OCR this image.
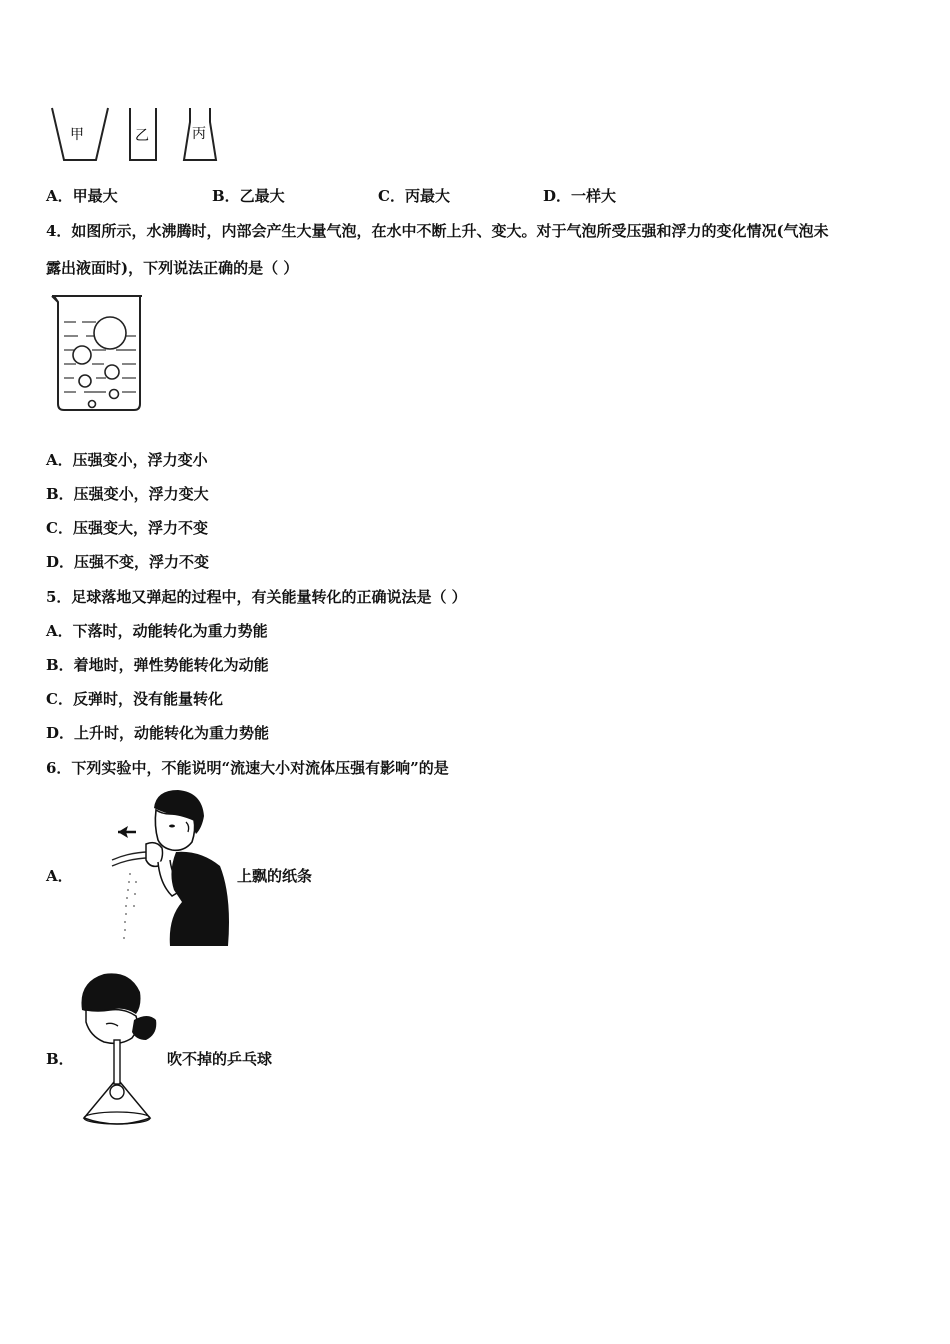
甲	乙	丙
A．甲最大	B．乙最大	C．丙最大	D．一样大
4．如图所示，水沸腾时，内部会产生大量气泡，在水中不断上升、变大。对于气泡所受压强和浮力的变化情况(气泡未
露出液面时)，下列说法正确的是（ ）
A．压强变小，浮力变小
B．压强变小，浮力变大
C．压强变大，浮力不变
D．压强不变，浮力不变
5．足球落地又弹起的过程中，有关能量转化的正确说法是（ ）
A．下落时，动能转化为重力势能
B．着地时，弹性势能转化为动能
C．反弹时，没有能量转化
D．上升时，动能转化为重力势能
6．下列实验中，不能说明“流速大小对流体压强有影响”的是
A．	上飘的纸条
B．	吹不掉的乒乓球
